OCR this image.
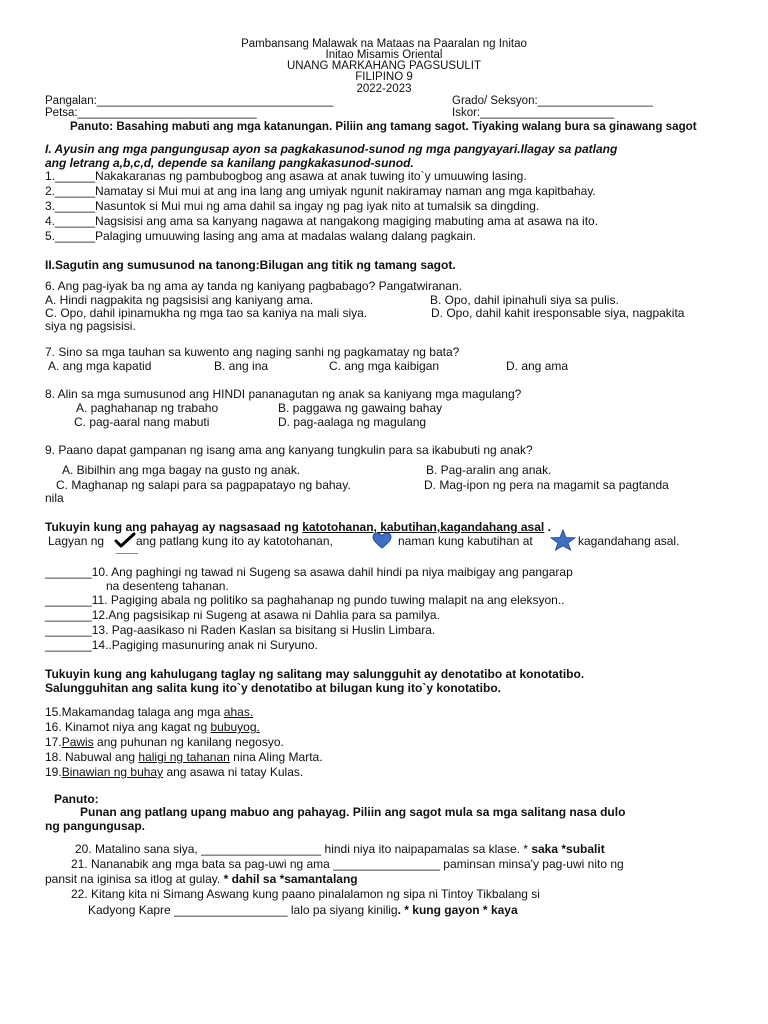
Pambansang Malawak na Mataas na Paaralan ng Initao
Initao Misamis Oriental
UNANG MARKAHANG PAGSUSULIT
FILIPINO 9
2022-2023
Pangalan:_____________________________________	Grado/ Seksyon:__________________
Petsa:____________________________	Iskor:_____________________
Panuto: Basahing mabuti ang mga katanungan. Piliin ang tamang sagot. Tiyaking walang bura sa ginawang sagot
I. Ayusin ang mga pangungusap ayon sa pagkakasunod-sunod ng mga pangyayari.Ilagay sa patlang
ang letrang a,b,c,d, depende sa kanilang pangkakasunod-sunod.
1.______Nakakaranas ng pambubogbog ang asawa at anak tuwing ito`y umuuwing lasing.
2.______Namatay si Mui mui at ang ina lang ang umiyak ngunit nakiramay naman ang mga kapitbahay.
3.______Nasuntok si Mui mui ng ama dahil sa ingay ng pag iyak nito at tumalsik sa dingding.
4.______Nagsisisi ang ama sa kanyang nagawa at nangakong magiging mabuting ama at asawa na ito.
5.______Palaging umuuwing lasing ang ama at madalas walang dalang pagkain.
II.Sagutin ang sumusunod na tanong:Bilugan ang titik ng tamang sagot.
6. Ang pag-iyak ba ng ama ay tanda ng kaniyang pagbabago? Pangatwiranan.
A. Hindi nagpakita ng pagsisisi ang kaniyang ama.	B. Opo, dahil ipinahuli siya sa pulis.
C. Opo, dahil ipinamukha ng mga tao sa kaniya na mali siya.	D. Opo, dahil kahit iresponsable siya, nagpakita
siya ng pagsisisi.
7. Sino sa mga tauhan sa kuwento ang naging sanhi ng pagkamatay ng bata?
A. ang mga kapatid	B. ang ina	C. ang mga kaibigan	D. ang ama
8. Alin sa mga sumusunod ang HINDI pananagutan ng anak sa kaniyang mga magulang?
A. paghahanap ng trabaho	B. paggawa ng gawaing bahay
C. pag-aaral nang mabuti	D. pag-aalaga ng magulang
9. Paano dapat gampanan ng isang ama ang kanyang tungkulin para sa ikabubuti ng anak?
A. Bibilhin ang mga bagay na gusto ng anak.	B. Pag-aralin ang anak.
C. Maghanap ng salapi para sa pagpapatayo ng bahay.	D. Mag-ipon ng pera na magamit sa pagtanda
nila
Tukuyin kung ang pahayag ay nagsasaad ng katotohanan, kabutihan,kagandahang asal .
Lagyan ng	ang patlang kung ito ay katotohanan,	naman kung kabutihan at	kagandahang asal.
_______10. Ang paghingi ng tawad ni Sugeng sa asawa dahil hindi pa niya maibigay ang pangarap
na desenteng tahanan.
_______11. Pagiging abala ng politiko sa paghahanap ng pundo tuwing malapit na ang eleksyon..
_______12.Ang pagsisikap ni Sugeng at asawa ni Dahlia para sa pamilya.
_______13. Pag-aasikaso ni Raden Kaslan sa bisitang si Huslin Limbara.
_______14..Pagiging masunuring anak ni Suryuno.
Tukuyin kung ang kahulugang taglay ng salitang may salungguhit ay denotatibo at konotatibo.
Salungguhitan ang salita kung ito`y denotatibo at bilugan kung ito`y konotatibo.
15.Makamandag talaga ang mga ahas.
16. Kinamot niya ang kagat ng bubuyog.
17.Pawis ang puhunan ng kanilang negosyo.
18. Nabuwal ang haligi ng tahanan nina Aling Marta.
19.Binawian ng buhay ang asawa ni tatay Kulas.
Panuto:
Punan ang patlang upang mabuo ang pahayag. Piliin ang sagot mula sa mga salitang nasa dulo
ng pangungusap.
20. Matalino sana siya, __________________ hindi niya ito naipapamalas sa klase. * saka *subalit
21. Nananabik ang mga bata sa pag-uwi ng ama ________________ paminsan minsa'y pag-uwi nito ng
pansit na iginisa sa itlog at gulay. * dahil sa *samantalang
22. Kitang kita ni Simang Aswang kung paano pinalalamon ng sipa ni Tintoy Tikbalang si
Kadyong Kapre _________________ lalo pa siyang kinilig. * kung gayon * kaya
